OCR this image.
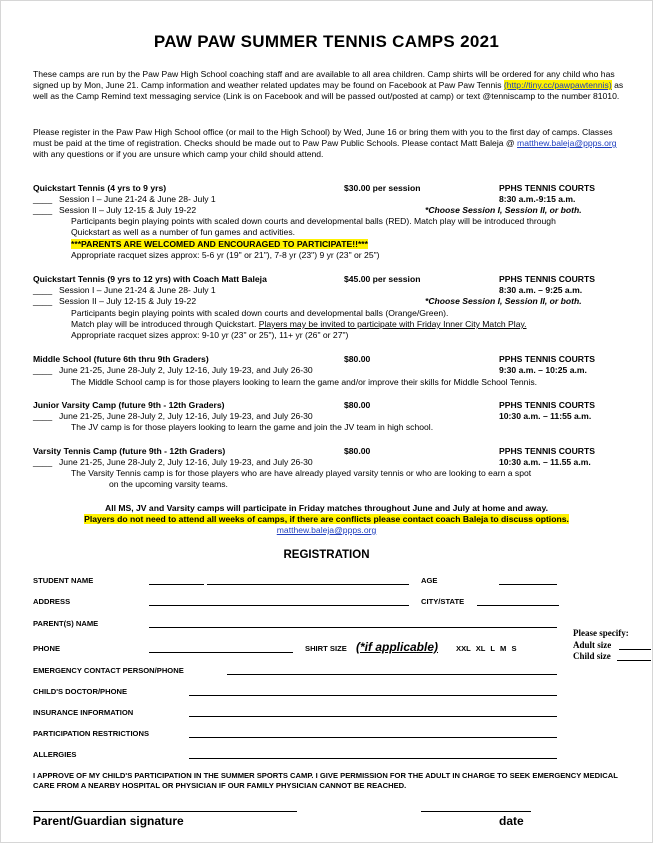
PAW PAW SUMMER TENNIS CAMPS 2021
These camps are run by the Paw Paw High School coaching staff and are available to all area children. Camp shirts will be ordered for any child who has signed up by Mon, June 21. Camp information and weather related updates may be found on Facebook at Paw Paw Tennis (http://tiny.cc/pawpawtennis) as well as the Camp Remind text messaging service (Link is on Facebook and will be passed out/posted at camp) or text @tenniscamp to the number 81010.
Please register in the Paw Paw High School office (or mail to the High School) by Wed, June 16 or bring them with you to the first day of camps. Classes must be paid at the time of registration. Checks should be made out to Paw Paw Public Schools. Please contact Matt Baleja @ matthew.baleja@ppps.org with any questions or if you are unsure which camp your child should attend.
Quickstart Tennis (4 yrs to 9 yrs)	$30.00 per session	PPHS TENNIS COURTS
____ Session I – June 21-24 & June 28- July 1	8:30 a.m.-9:15 a.m.
____ Session II – July 12-15 & July 19-22	*Choose Session I, Session II, or both.
Participants begin playing points with scaled down courts and developmental balls (RED). Match play will be introduced through
Quickstart as well as a number of fun games and activities.
***PARENTS ARE WELCOMED AND ENCOURAGED TO PARTICIPATE!!***
Appropriate racquet sizes approx: 5-6 yr (19" or 21"), 7-8 yr (23") 9 yr (23" or 25")
Quickstart Tennis (9 yrs to 12 yrs) with Coach Matt Baleja	$45.00 per session	PPHS TENNIS COURTS
____ Session I – June 21-24 & June 28- July 1	8:30 a.m. – 9:25 a.m.
____ Session II – July 12-15 & July 19-22	*Choose Session I, Session II, or both.
Participants begin playing points with scaled down courts and developmental balls (Orange/Green).
Match play will be introduced through Quickstart. Players may be invited to participate with Friday Inner City Match Play.
Appropriate racquet sizes approx: 9-10 yr (23" or 25"), 11+ yr (26" or 27")
Middle School (future 6th thru 9th Graders)	$80.00	PPHS TENNIS COURTS
____ June 21-25, June 28-July 2, July 12-16, July 19-23, and July 26-30	9:30 a.m. – 10:25 a.m.
The Middle School camp is for those players looking to learn the game and/or improve their skills for Middle School Tennis.
Junior Varsity Camp (future 9th - 12th Graders)	$80.00	PPHS TENNIS COURTS
____ June 21-25, June 28-July 2, July 12-16, July 19-23, and July 26-30	10:30 a.m. – 11:55 a.m.
The JV camp is for those players looking to learn the game and join the JV team in high school.
Varsity Tennis Camp (future 9th - 12th Graders)	$80.00	PPHS TENNIS COURTS
____ June 21-25, June 28-July 2, July 12-16, July 19-23, and July 26-30	10:30 a.m. – 11.55 a.m.
The Varsity Tennis camp is for those players who are have already played varsity tennis or who are looking to earn a spot
on the upcoming varsity teams.
All MS, JV and Varsity camps will participate in Friday matches throughout June and July at home and away.
Players do not need to attend all weeks of camps, if there are conflicts please contact coach Baleja to discuss options.
matthew.baleja@ppps.org
REGISTRATION
STUDENT NAME	AGE
ADDRESS	CITY/STATE
PARENT(S) NAME
PHONE	SHIRT SIZE (*if applicable) XXL XL L M S
Please specify:
Adult size
Child size
EMERGENCY CONTACT PERSON/PHONE
CHILD'S DOCTOR/PHONE
INSURANCE INFORMATION
PARTICIPATION RESTRICTIONS
ALLERGIES
I APPROVE OF MY CHILD'S PARTICIPATION IN THE SUMMER SPORTS CAMP. I GIVE PERMISSION FOR THE ADULT IN CHARGE TO SEEK EMERGENCY MEDICAL CARE FROM A NEARBY HOSPITAL OR PHYSICIAN IF OUR FAMILY PHYSICIAN CANNOT BE REACHED.
Parent/Guardian signature	date
